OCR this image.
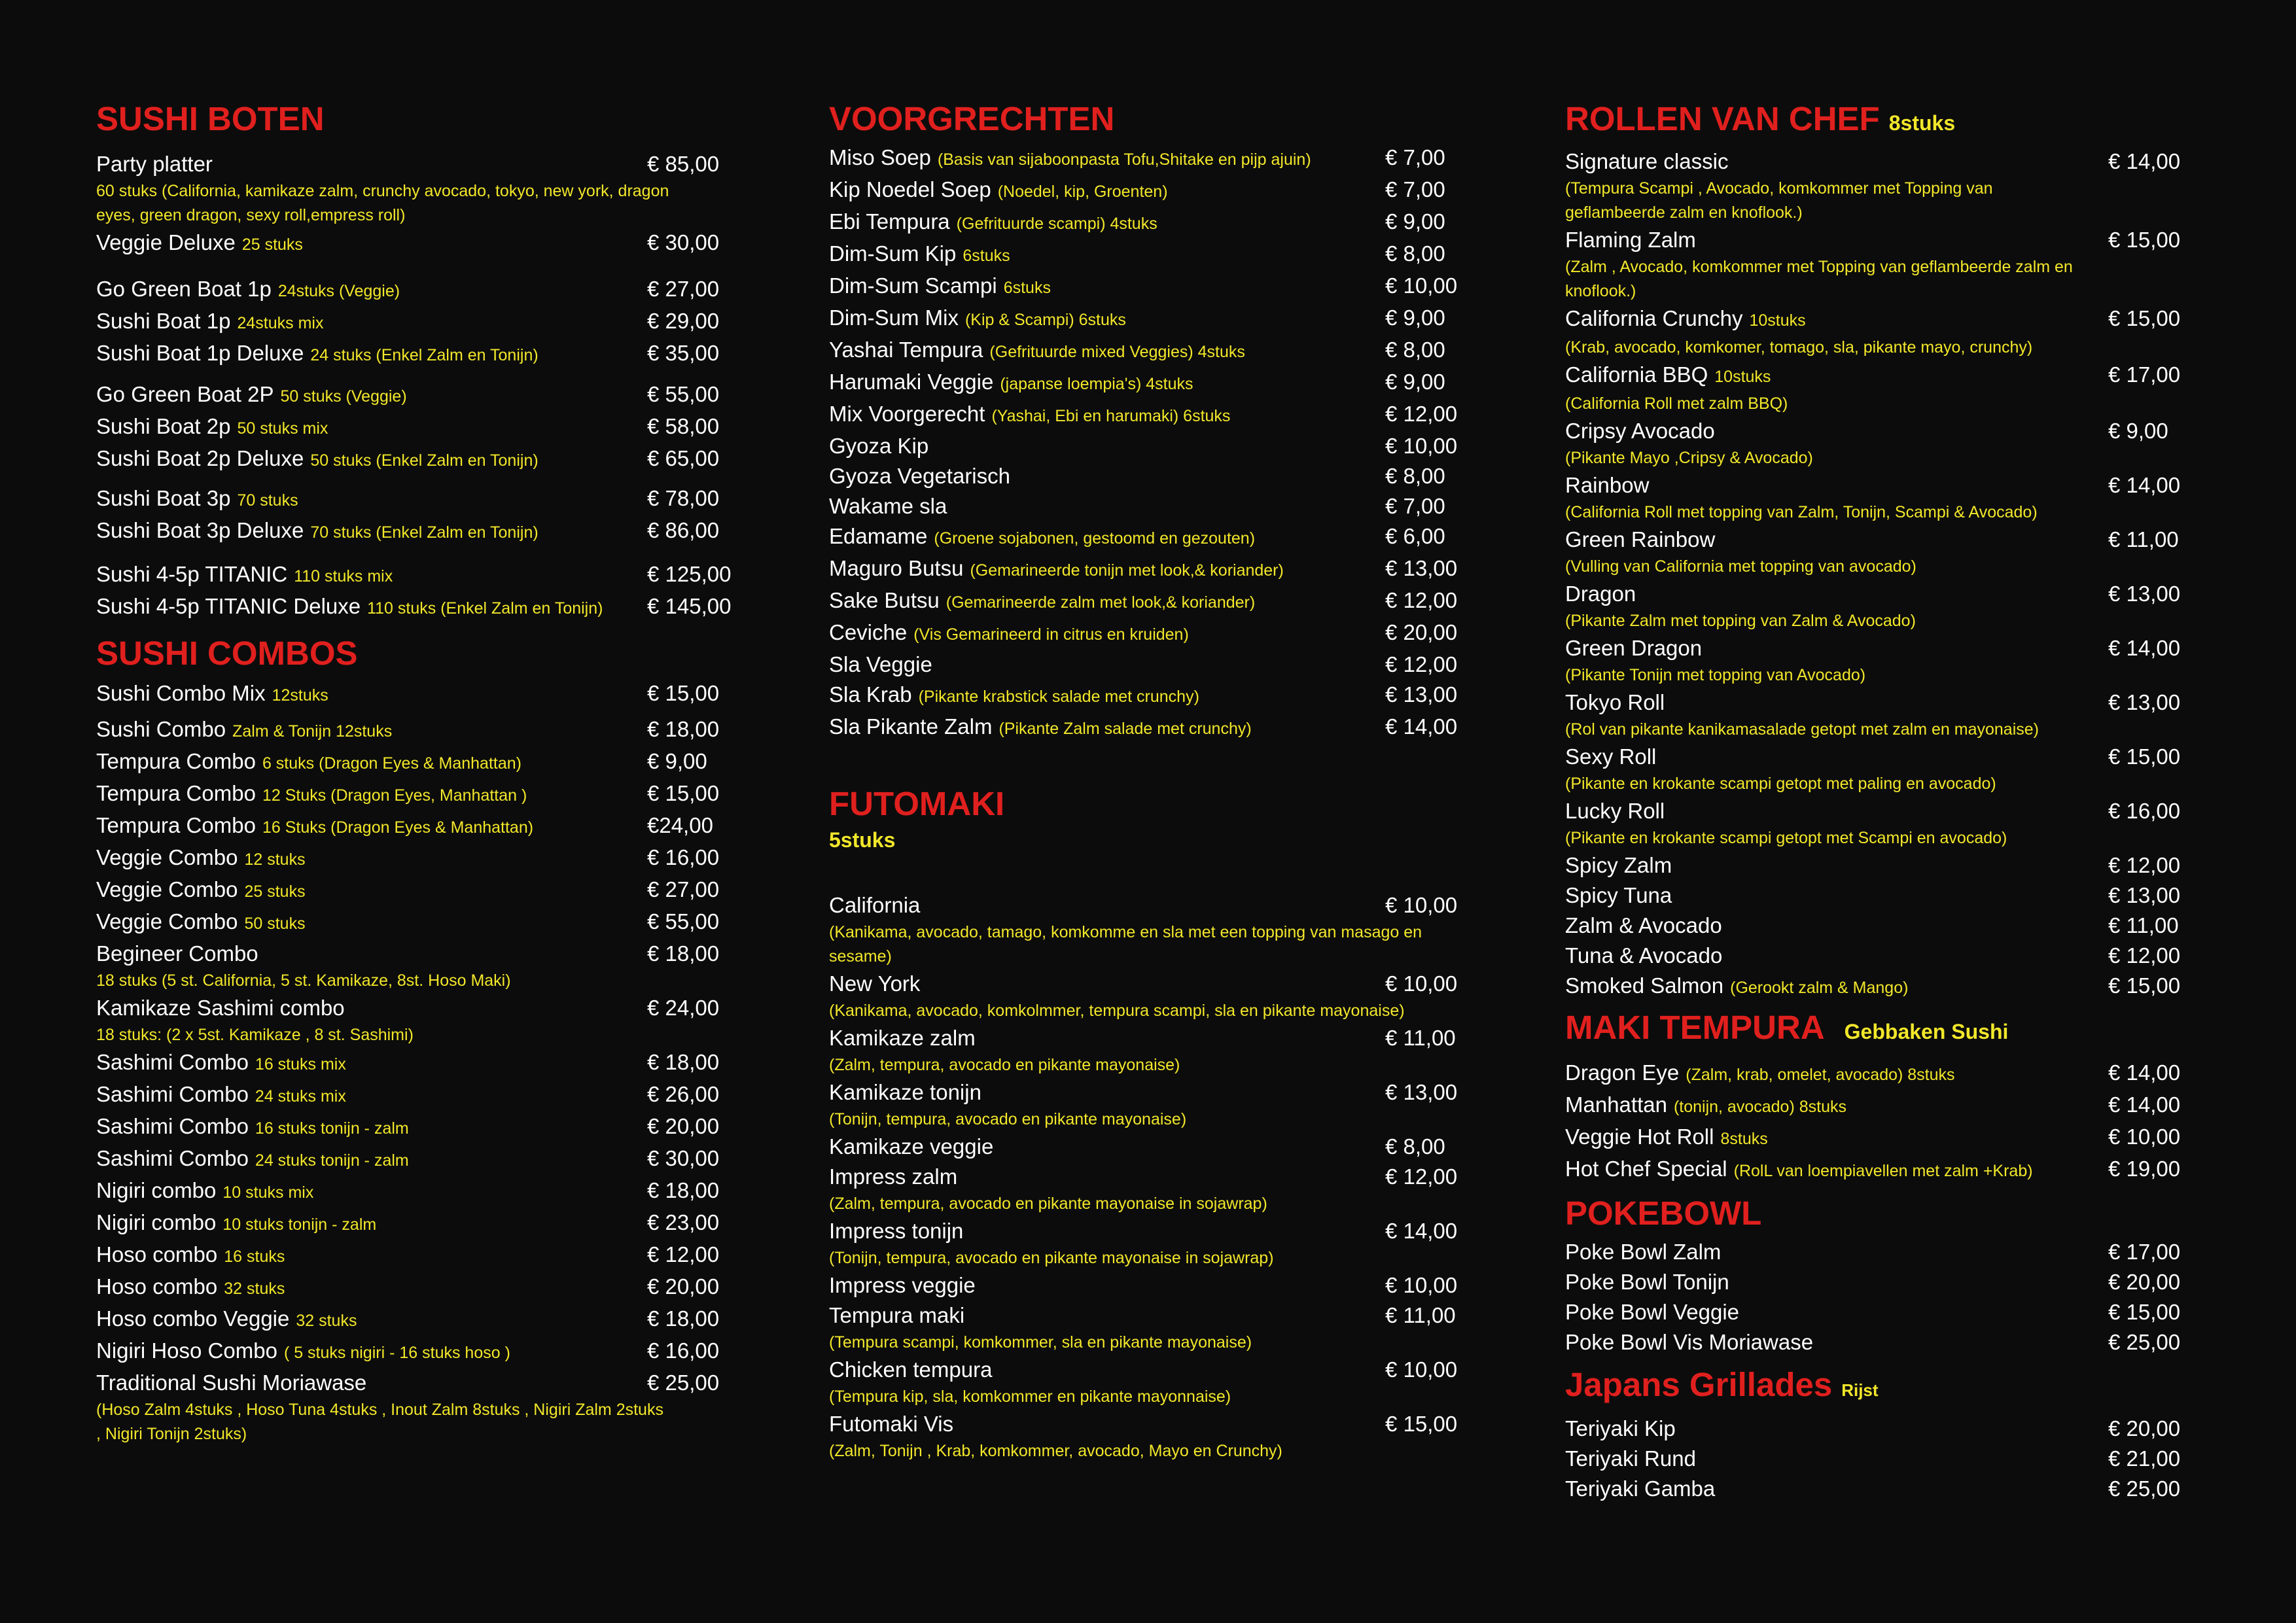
SUSHI BOTEN
Party platter	€ 85,00
60 stuks (California, kamikaze zalm, crunchy avocado, tokyo, new york, dragon eyes, green dragon, sexy roll,empress roll)
Veggie Deluxe 25 stuks	€ 30,00
Go Green Boat 1p 24stuks (Veggie)	€ 27,00
Sushi Boat 1p 24stuks mix	€ 29,00
Sushi Boat 1p Deluxe 24 stuks (Enkel Zalm en Tonijn)	€ 35,00
Go Green Boat 2P 50 stuks (Veggie)	€ 55,00
Sushi Boat 2p 50 stuks mix	€ 58,00
Sushi Boat 2p Deluxe 50 stuks (Enkel Zalm en Tonijn)	€ 65,00
Sushi Boat 3p 70 stuks	€ 78,00
Sushi Boat 3p Deluxe 70 stuks (Enkel Zalm en Tonijn)	€ 86,00
Sushi 4-5p TITANIC 110 stuks mix	€ 125,00
Sushi 4-5p TITANIC Deluxe 110 stuks (Enkel Zalm en Tonijn) € 145,00
SUSHI COMBOS
Sushi Combo Mix 12stuks	€ 15,00
Sushi Combo Zalm & Tonijn 12stuks	€ 18,00
Tempura Combo 6 stuks (Dragon Eyes & Manhattan)	€ 9,00
Tempura Combo 12 Stuks (Dragon Eyes, Manhattan )	€ 15,00
Tempura Combo 16 Stuks (Dragon Eyes & Manhattan)	€24,00
Veggie Combo 12 stuks	€ 16,00
Veggie Combo 25 stuks	€ 27,00
Veggie Combo 50 stuks	€ 55,00
Begineer Combo	€ 18,00
18 stuks (5 st. California, 5 st. Kamikaze, 8st. Hoso Maki)
Kamikaze Sashimi combo	€ 24,00
18 stuks: (2 x 5st. Kamikaze , 8 st. Sashimi)
Sashimi Combo 16 stuks mix	€ 18,00
Sashimi Combo 24 stuks mix	€ 26,00
Sashimi Combo 16 stuks tonijn - zalm	€ 20,00
Sashimi Combo 24 stuks tonijn - zalm	€ 30,00
Nigiri combo 10 stuks mix	€ 18,00
Nigiri combo 10 stuks tonijn - zalm	€ 23,00
Hoso combo 16 stuks	€ 12,00
Hoso combo 32 stuks	€ 20,00
Hoso combo Veggie 32 stuks	€ 18,00
Nigiri Hoso Combo ( 5 stuks nigiri - 16 stuks hoso )	€ 16,00
Traditional Sushi Moriawase	€ 25,00
(Hoso Zalm 4stuks , Hoso Tuna 4stuks , Inout Zalm 8stuks , Nigiri Zalm 2stuks , Nigiri Tonijn 2stuks)
VOORGRECHTEN
Miso Soep (Basis van sijaboonpasta Tofu,Shitake en pijp ajuin)	€ 7,00
Kip Noedel Soep (Noedel, kip, Groenten)	€ 7,00
Ebi Tempura (Gefrituurde scampi) 4stuks	€ 9,00
Dim-Sum Kip 6stuks	€ 8,00
Dim-Sum Scampi 6stuks	€ 10,00
Dim-Sum Mix (Kip & Scampi) 6stuks	€ 9,00
Yashai Tempura (Gefrituurde mixed Veggies) 4stuks	€ 8,00
Harumaki Veggie (japanse loempia's) 4stuks	€ 9,00
Mix Voorgerecht (Yashai, Ebi en harumaki) 6stuks	€ 12,00
Gyoza Kip	€ 10,00
Gyoza Vegetarisch	€ 8,00
Wakame sla	€ 7,00
Edamame (Groene sojabonen, gestoomd en gezouten)	€ 6,00
Maguro Butsu (Gemarineerde tonijn met look,& koriander)	€ 13,00
Sake Butsu (Gemarineerde zalm met look,& koriander)	€ 12,00
Ceviche (Vis Gemarineerd in citrus en kruiden)	€ 20,00
Sla Veggie	€ 12,00
Sla Krab (Pikante krabstick salade met crunchy)	€ 13,00
Sla Pikante Zalm (Pikante Zalm salade met crunchy)	€ 14,00
FUTOMAKI
5stuks
California	€ 10,00
(Kanikama, avocado, tamago, komkomme en sla met een topping van masago en sesame)
New York	€ 10,00
(Kanikama, avocado, komkolmmer, tempura scampi, sla en pikante mayonaise)
Kamikaze zalm	€ 11,00
(Zalm, tempura, avocado en pikante mayonaise)
Kamikaze tonijn	€ 13,00
(Tonijn, tempura, avocado en pikante mayonaise)
Kamikaze veggie	€ 8,00
Impress zalm	€ 12,00
(Zalm, tempura, avocado en pikante mayonaise in sojawrap)
Impress tonijn	€ 14,00
(Tonijn, tempura, avocado en pikante mayonaise in sojawrap)
Impress veggie	€ 10,00
Tempura maki	€ 11,00
(Tempura scampi, komkommer, sla en pikante mayonaise)
Chicken tempura	€ 10,00
(Tempura kip, sla, komkommer en pikante mayonnaise)
Futomaki Vis	€ 15,00
(Zalm, Tonijn , Krab, komkommer, avocado, Mayo en Crunchy)
ROLLEN VAN CHEF 8stuks
Signature classic	€ 14,00
(Tempura Scampi , Avocado, komkommer met Topping van geflambeerde zalm en knoflook.)
Flaming Zalm	€ 15,00
(Zalm , Avocado, komkommer met Topping van geflambeerde zalm en knoflook.)
California Crunchy 10stuks	€ 15,00
(Krab, avocado, komkomer, tomago, sla, pikante mayo, crunchy)
California BBQ 10stuks	€ 17,00
(California Roll met zalm BBQ)
Cripsy Avocado	€ 9,00
(Pikante Mayo ,Cripsy & Avocado)
Rainbow	€ 14,00
(California Roll met topping van Zalm, Tonijn, Scampi & Avocado)
Green Rainbow	€ 11,00
(Vulling van California met topping van avocado)
Dragon	€ 13,00
(Pikante Zalm met topping van Zalm & Avocado)
Green Dragon	€ 14,00
(Pikante Tonijn met topping van Avocado)
Tokyo Roll	€ 13,00
(Rol van pikante kanikamasalade getopt met zalm en mayonaise)
Sexy Roll	€ 15,00
(Pikante en krokante scampi getopt met paling en avocado)
Lucky Roll	€ 16,00
(Pikante en krokante scampi getopt met Scampi en avocado)
Spicy Zalm	€ 12,00
Spicy Tuna	€ 13,00
Zalm & Avocado	€ 11,00
Tuna & Avocado	€ 12,00
Smoked Salmon (Gerookt zalm & Mango)	€ 15,00
MAKI TEMPURA Gebbaken Sushi
Dragon Eye (Zalm, krab, omelet, avocado) 8stuks	€ 14,00
Manhattan (tonijn, avocado) 8stuks	€ 14,00
Veggie Hot Roll 8stuks	€ 10,00
Hot Chef Special (RolL van loempiavellen met zalm +Krab)	€ 19,00
POKEBOWL
Poke Bowl Zalm	€ 17,00
Poke Bowl Tonijn	€ 20,00
Poke Bowl Veggie	€ 15,00
Poke Bowl Vis Moriawase	€ 25,00
Japans Grillades Rijst
Teriyaki Kip	€ 20,00
Teriyaki Rund	€ 21,00
Teriyaki Gamba	€ 25,00
